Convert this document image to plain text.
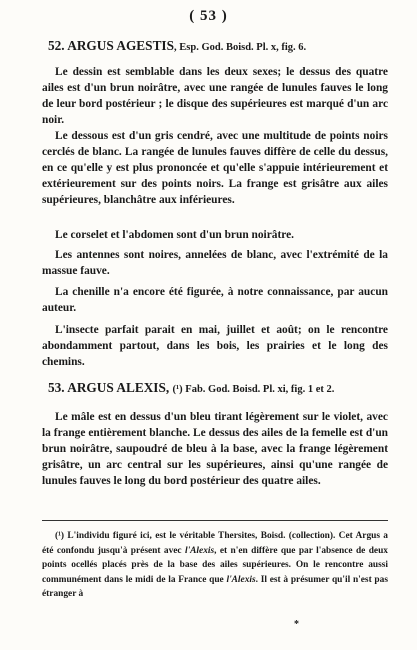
( 53 )
52. ARGUS AGESTIS, Esp. God. Boisd. Pl. x, fig. 6.

Le dessin est semblable dans les deux sexes; le dessus des quatre ailes est d'un brun noirâtre, avec une rangée de lunules fauves le long de leur bord postérieur ; le disque des supérieures est marqué d'un arc noir.

Le dessous est d'un gris cendré, avec une multitude de points noirs cerclés de blanc. La rangée de lunules fauves diffère de celle du dessus, en ce qu'elle y est plus prononcée et qu'elle s'appuie intérieurement et extérieurement sur des points noirs. La frange est grisâtre aux ailes supérieures, blanchâtre aux inférieures.

Le corselet et l'abdomen sont d'un brun noirâtre.

Les antennes sont noires, annelées de blanc, avec l'extrémité de la massue fauve.

La chenille n'a encore été figurée, à notre connaissance, par aucun auteur.

L'insecte parfait parait en mai, juillet et août; on le rencontre abondamment partout, dans les bois, les prairies et le long des chemins.

53. ARGUS ALEXIS, (¹) Fab. God. Boisd. Pl. xi, fig. 1 et 2.

Le mâle est en dessus d'un bleu tirant légèrement sur le violet, avec la frange entièrement blanche. Le dessus des ailes de la femelle est d'un brun noirâtre, saupoudré de bleu à la base, avec la frange légèrement grisâtre, un arc central sur les supérieures, ainsi qu'une rangée de lunules fauves le long du bord postérieur des quatre ailes.

(¹) L'individu figuré ici, est le véritable Thersites, Boisd. (collection). Cet Argus a été confondu jusqu'à présent avec l'Alexis, et n'en diffère que par l'absence de deux points ocellés placés près de la base des ailes supérieures. On le rencontre aussi communément dans le midi de la France que l'Alexis. Il est à présumer qu'il n'est pas étranger à

*
